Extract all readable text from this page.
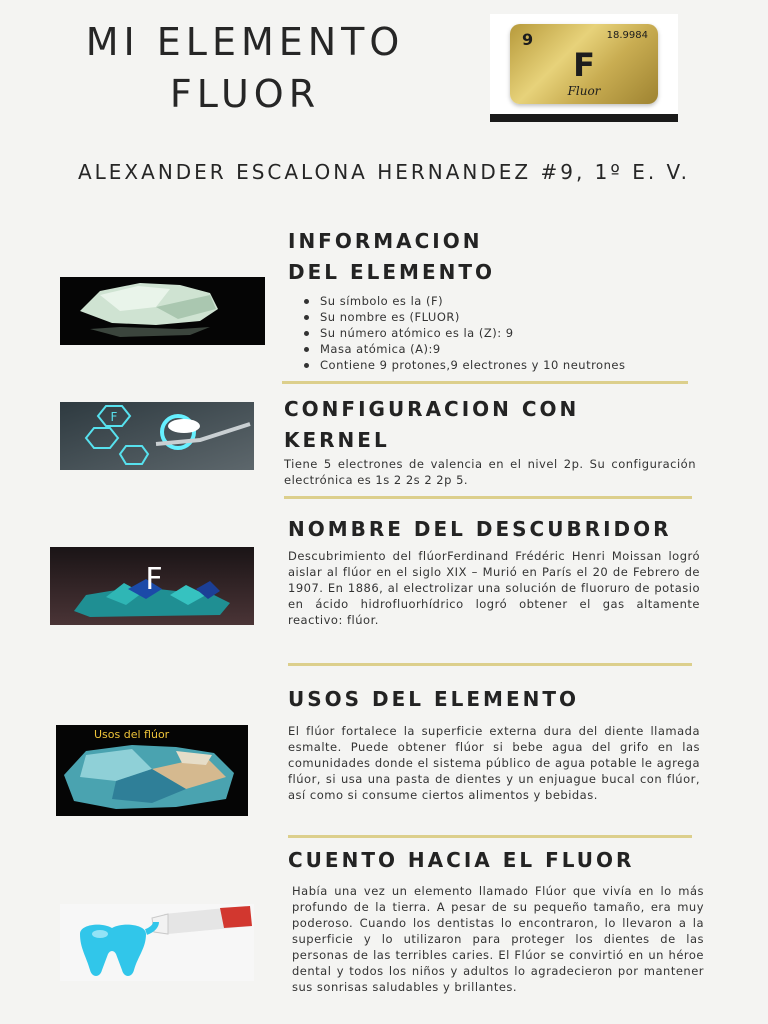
MI ELEMENTO
FLUOR
9	18.9984
F
Fluor
ALEXANDER ESCALONA HERNANDEZ #9, 1º E. V.
INFORMACION
DEL ELEMENTO
Su símbolo es la (F)
Su nombre es (FLUOR)
Su número atómico es la (Z): 9
Masa atómica (A):9
Contiene 9 protones,9 electrones y 10 neutrones
F	CONFIGURACION CON
KERNEL
Tiene 5 electrones de valencia en el nivel 2p. Su configuración electrónica es 1s 2 2s 2 2p 5.
F
NOMBRE DEL DESCUBRIDOR
Descubrimiento del flúorFerdinand Frédéric Henri Moissan logró aislar al flúor en el siglo XIX – Murió en París el 20 de Febrero de 1907. En 1886, al electrolizar una solución de fluoruro de potasio en ácido hidrofluorhídrico logró obtener el gas altamente reactivo: flúor.
Usos del flúor
USOS DEL ELEMENTO
El flúor fortalece la superficie externa dura del diente llamada esmalte. Puede obtener flúor si bebe agua del grifo en las comunidades donde el sistema público de agua potable le agrega flúor, si usa una pasta de dientes y un enjuague bucal con flúor, así como si consume ciertos alimentos y bebidas.
CUENTO HACIA EL FLUOR
Había una vez un elemento llamado Flúor que vivía en lo más profundo de la tierra. A pesar de su pequeño tamaño, era muy poderoso. Cuando los dentistas lo encontraron, lo llevaron a la superficie y lo utilizaron para proteger los dientes de las personas de las terribles caries. El Flúor se convirtió en un héroe dental y todos los niños y adultos lo agradecieron por mantener sus sonrisas saludables y brillantes.
